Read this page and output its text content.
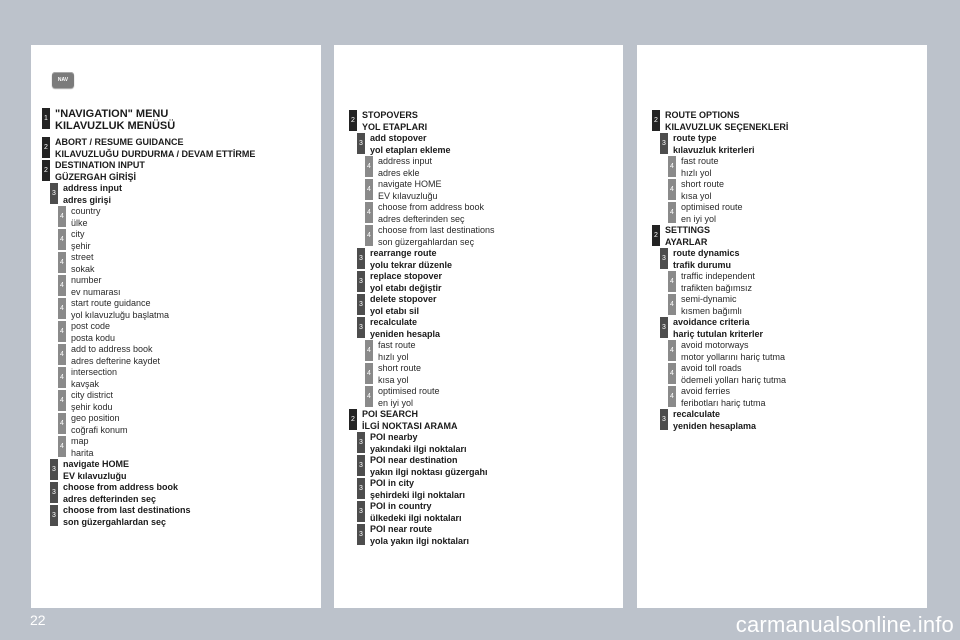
NAV
1 "NAVIGATION" MENU
KILAVUZLUK MENÜSÜ
2
ABORT / RESUME GUIDANCE
KILAVUZLUĞU DURDURMA / DEVAM ETTİRME
2
DESTINATION INPUT
GÜZERGAH GİRİŞİ
3
address input
adres girişi
4
country
ülke
4
city
şehir
4
street
sokak
4
number
ev numarası
4
start route guidance
yol kılavuzluğu başlatma
4
post code
posta kodu
4
add to address book
adres defterine kaydet
4
intersection
kavşak
4
city district
şehir kodu
4
geo position
coğrafi konum
4
map
harita
3
navigate HOME
EV kılavuzluğu
3
choose from address book
adres defterinden seç
3
choose from last destinations
son güzergahlardan seç
2
STOPOVERS
YOL ETAPLARI
3
add stopover
yol etapları ekleme
4
address input
adres ekle
4
navigate HOME
EV kılavuzluğu
4
choose from address book
adres defterinden seç
4
choose from last destinations
son güzergahlardan seç
3
rearrange route
yolu tekrar düzenle
3
replace stopover
yol etabı değiştir
3
delete stopover
yol etabı sil
3
recalculate
yeniden hesapla
4
fast route
hızlı yol
4
short route
kısa yol
4
optimised route
en iyi yol
2
POI SEARCH
İLGİ NOKTASI ARAMA
3
POI nearby
yakındaki ilgi noktaları
3
POI near destination
yakın ilgi noktası güzergahı
3
POI in city
şehirdeki ilgi noktaları
3
POI in country
ülkedeki ilgi noktaları
3
POI near route
yola yakın ilgi noktaları
2
ROUTE OPTIONS
KILAVUZLUK SEÇENEKLERİ
3
route type
kılavuzluk kriterleri
4
fast route
hızlı yol
4
short route
kısa yol
4
optimised route
en iyi yol
2
SETTINGS
AYARLAR
3
route dynamics
trafik durumu
4
traffic independent
trafikten bağımsız
4
semi-dynamic
kısmen bağımlı
3
avoidance criteria
hariç tutulan kriterler
4
avoid motorways
motor yollarını hariç tutma
4
avoid toll roads
ödemeli yolları hariç tutma
4
avoid ferries
feribotları hariç tutma
3
recalculate
yeniden hesaplama
22	carmanualsonline.info
